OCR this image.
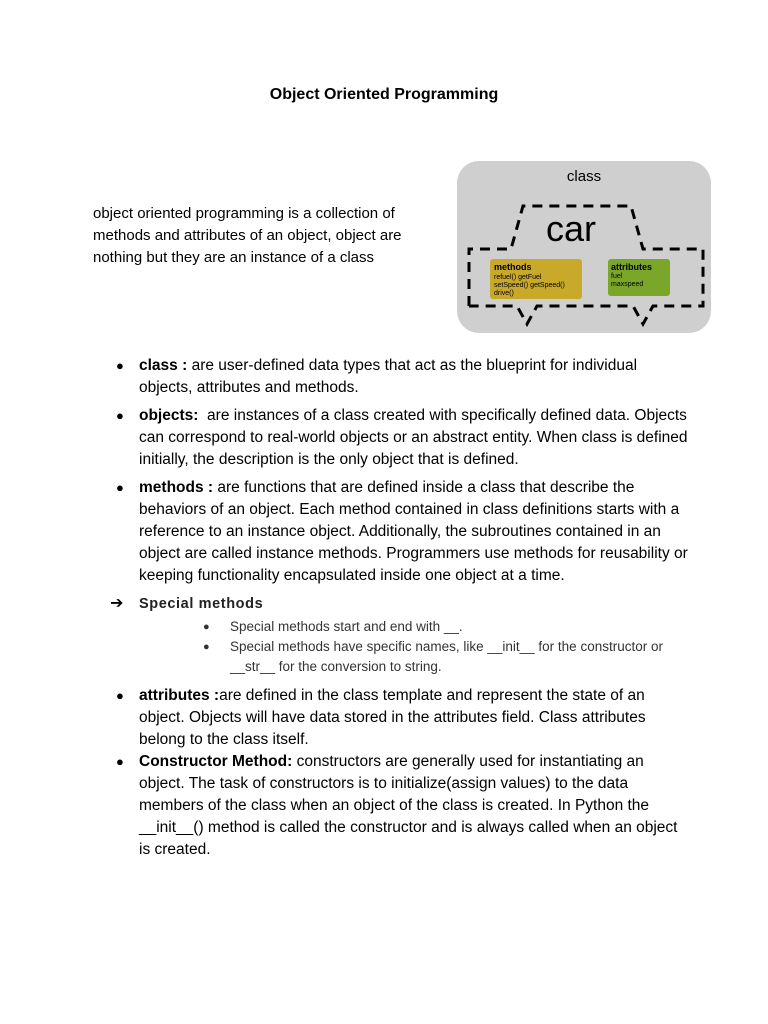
Object Oriented Programming
object oriented programming is a collection of methods and attributes of an object, object are nothing but they are an instance of a class
class
car
methods
refuel() getFuel
setSpeed() getSpeed()
drive()
attributes
fuel
maxspeed
● class : are user-defined data types that act as the blueprint for individual objects, attributes and methods.
● objects:  are instances of a class created with specifically defined data. Objects can correspond to real-world objects or an abstract entity. When class is defined initially, the description is the only object that is defined.
● methods : are functions that are defined inside a class that describe the behaviors of an object. Each method contained in class definitions starts with a reference to an instance object. Additionally, the subroutines contained in an object are called instance methods. Programmers use methods for reusability or keeping functionality encapsulated inside one object at a time.
➔ Special methods
● Special methods start and end with __.
● Special methods have specific names, like __init__ for the constructor or __str__ for the conversion to string.
● attributes :are defined in the class template and represent the state of an object. Objects will have data stored in the attributes field. Class attributes belong to the class itself.
● Constructor Method: constructors are generally used for instantiating an object. The task of constructors is to initialize(assign values) to the data members of the class when an object of the class is created. In Python the __init__() method is called the constructor and is always called when an object is created.
